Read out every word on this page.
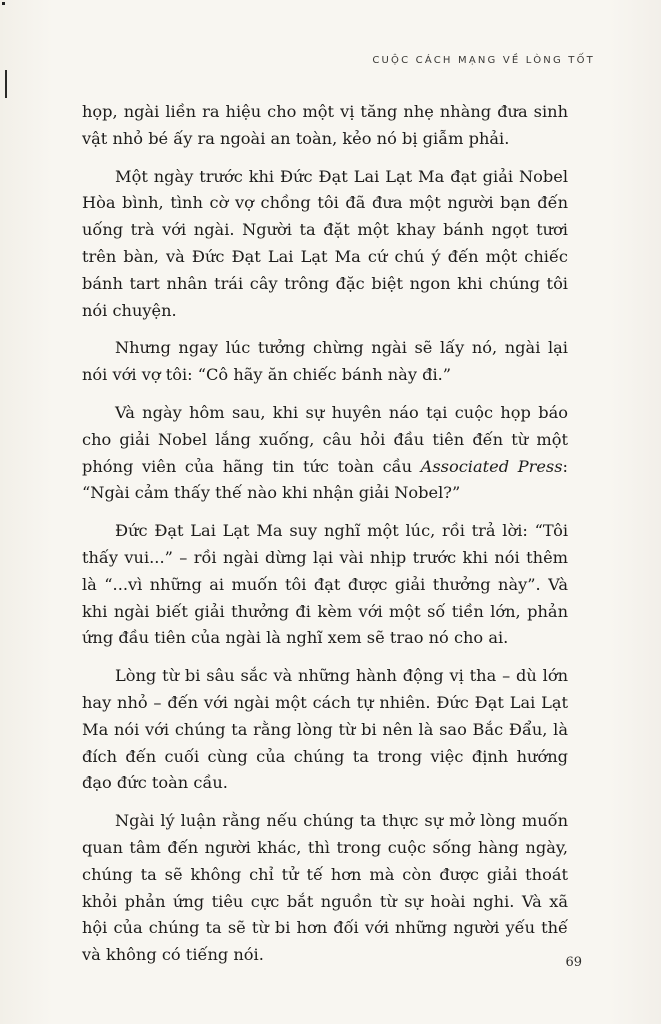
CUỘC CÁCH MẠNG VỀ LÒNG TỐT

họp, ngài liền ra hiệu cho một vị tăng nhẹ nhàng đưa sinh vật nhỏ bé ấy ra ngoài an toàn, kẻo nó bị giẫm phải.

Một ngày trước khi Đức Đạt Lai Lạt Ma đạt giải Nobel Hòa bình, tình cờ vợ chồng tôi đã đưa một người bạn đến uống trà với ngài. Người ta đặt một khay bánh ngọt tươi trên bàn, và Đức Đạt Lai Lạt Ma cứ chú ý đến một chiếc bánh tart nhân trái cây trông đặc biệt ngon khi chúng tôi nói chuyện.

Nhưng ngay lúc tưởng chừng ngài sẽ lấy nó, ngài lại nói với vợ tôi: “Cô hãy ăn chiếc bánh này đi.”

Và ngày hôm sau, khi sự huyên náo tại cuộc họp báo cho giải Nobel lắng xuống, câu hỏi đầu tiên đến từ một phóng viên của hãng tin tức toàn cầu Associated Press: “Ngài cảm thấy thế nào khi nhận giải Nobel?”

Đức Đạt Lai Lạt Ma suy nghĩ một lúc, rồi trả lời: “Tôi thấy vui...” – rồi ngài dừng lại vài nhịp trước khi nói thêm là “...vì những ai muốn tôi đạt được giải thưởng này”. Và khi ngài biết giải thưởng đi kèm với một số tiền lớn, phản ứng đầu tiên của ngài là nghĩ xem sẽ trao nó cho ai.

Lòng từ bi sâu sắc và những hành động vị tha – dù lớn hay nhỏ – đến với ngài một cách tự nhiên. Đức Đạt Lai Lạt Ma nói với chúng ta rằng lòng từ bi nên là sao Bắc Đẩu, là đích đến cuối cùng của chúng ta trong việc định hướng đạo đức toàn cầu.

Ngài lý luận rằng nếu chúng ta thực sự mở lòng muốn quan tâm đến người khác, thì trong cuộc sống hàng ngày, chúng ta sẽ không chỉ tử tế hơn mà còn được giải thoát khỏi phản ứng tiêu cực bắt nguồn từ sự hoài nghi. Và xã hội của chúng ta sẽ từ bi hơn đối với những người yếu thế và không có tiếng nói.	69
